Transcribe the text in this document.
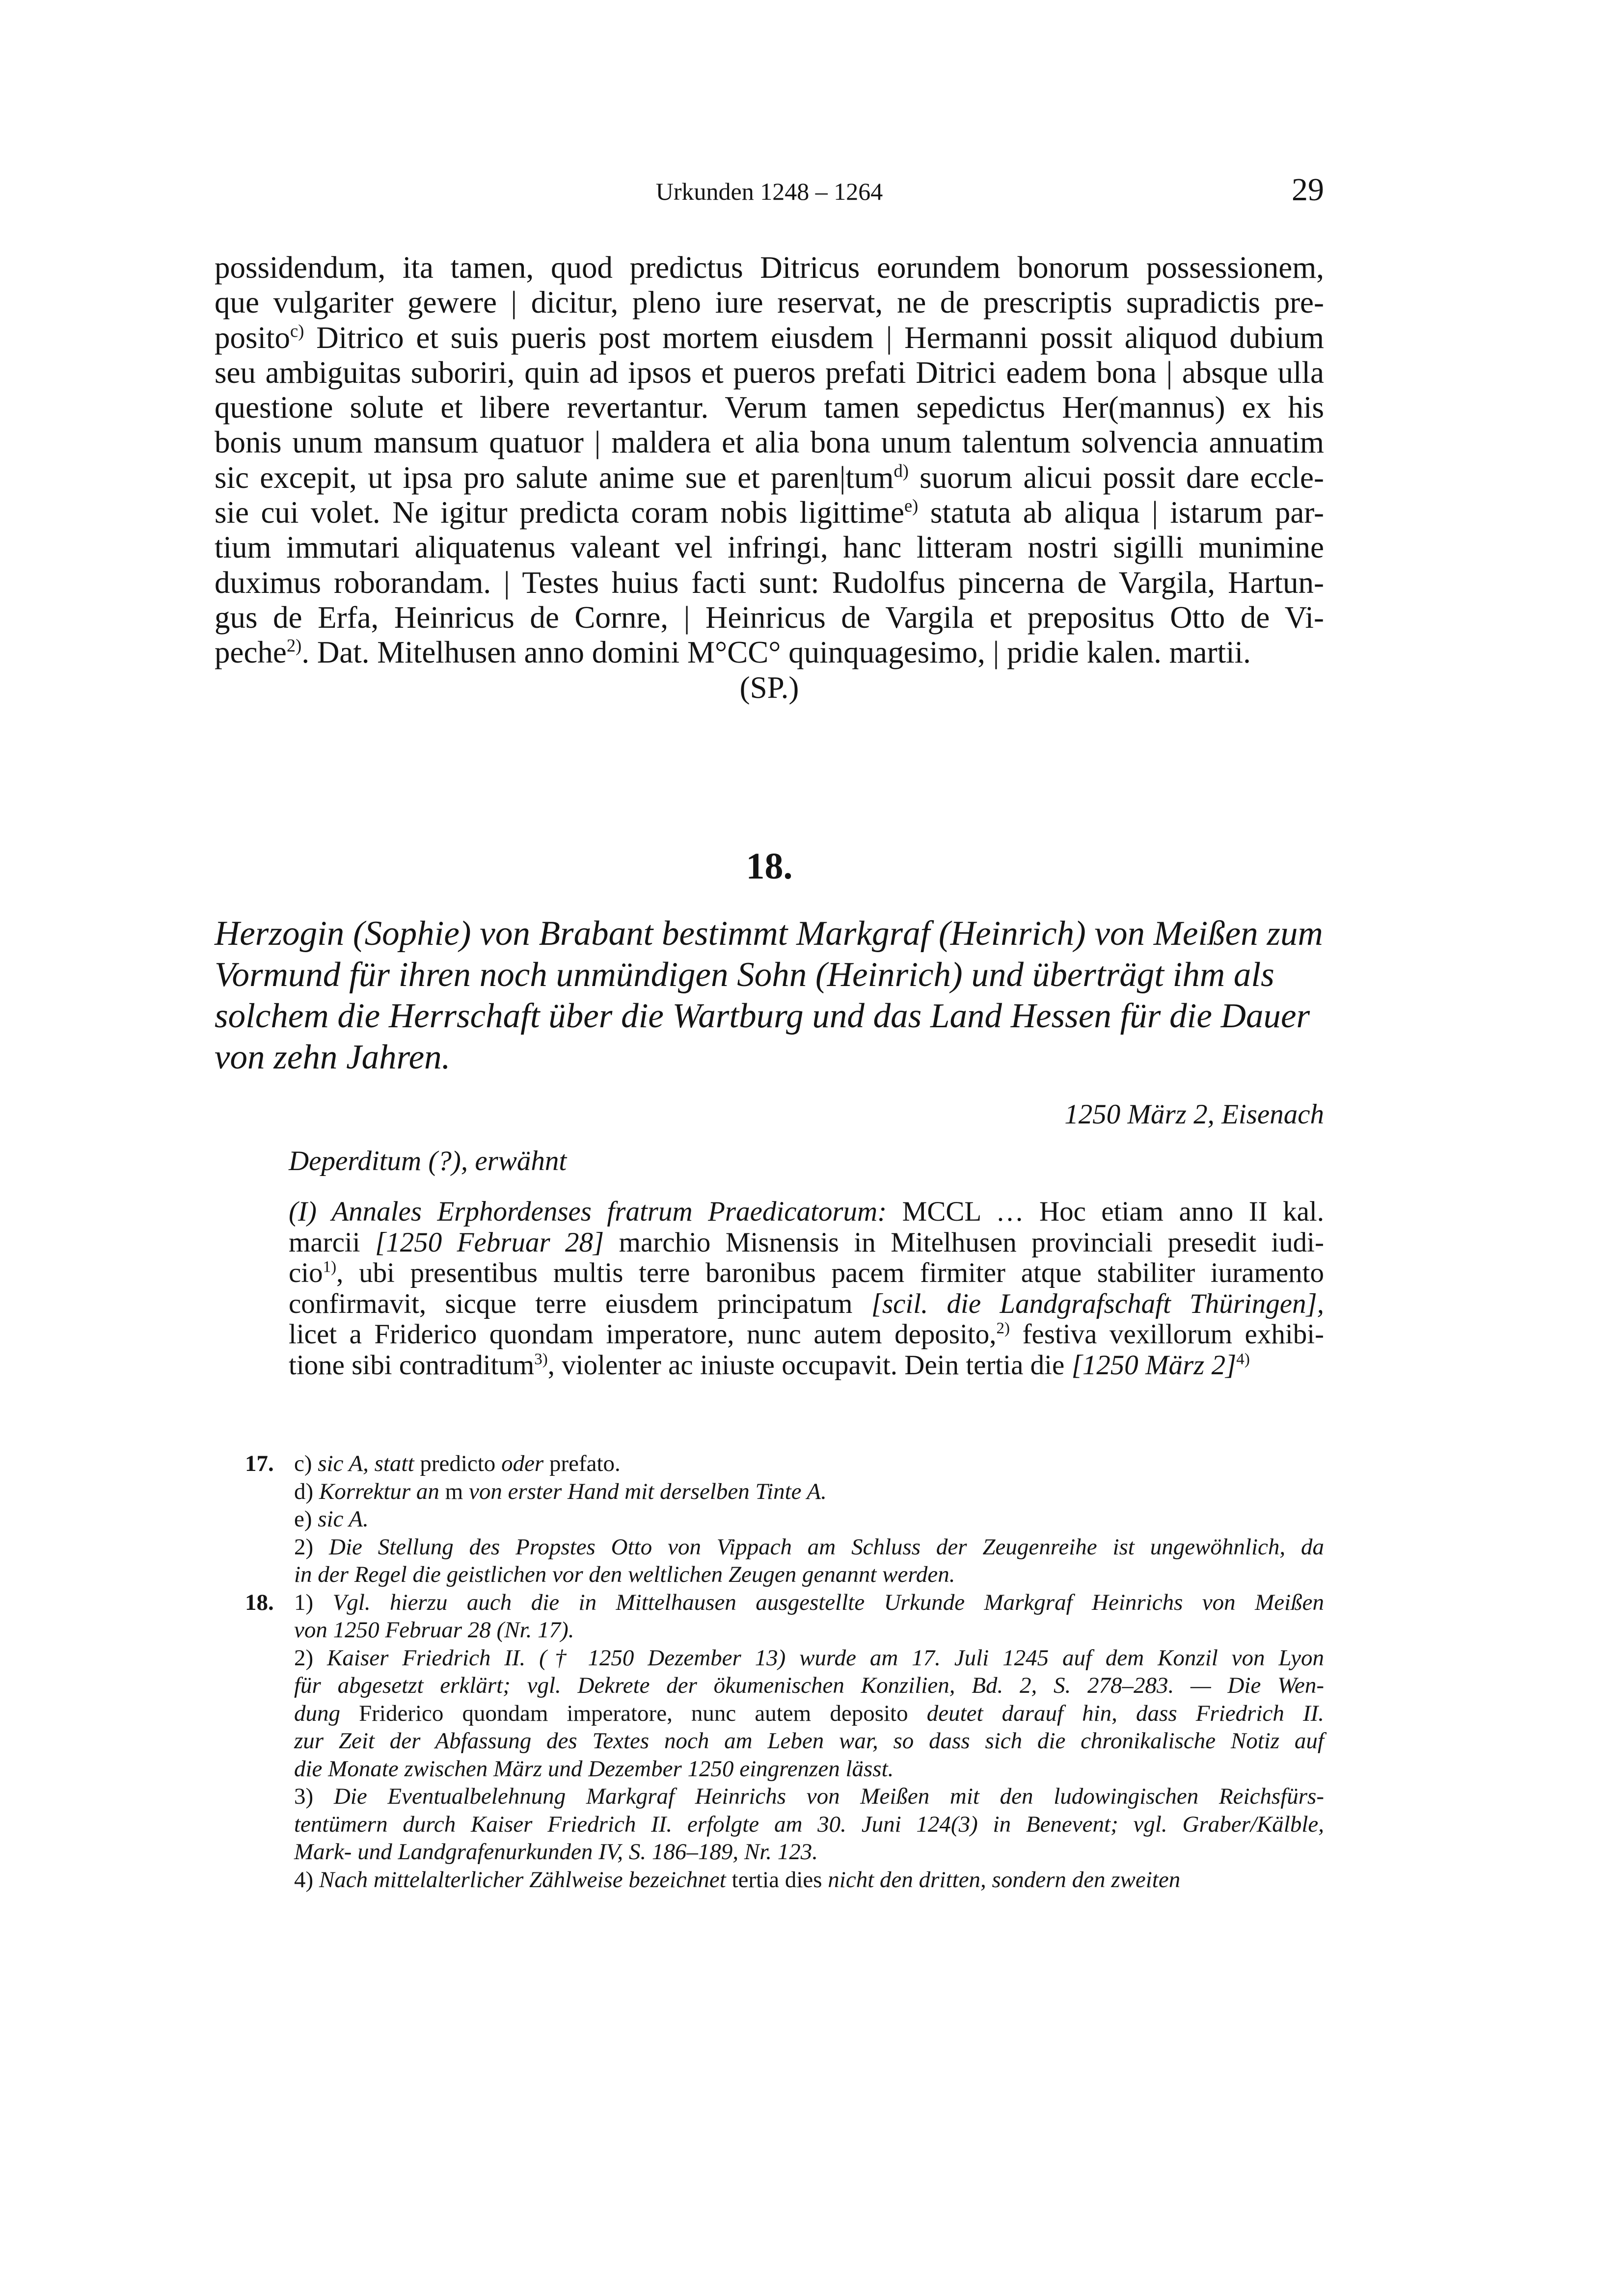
Urkunden 1248 – 1264	29
possidendum, ita tamen, quod predictus Ditricus eorundem bonorum possessionem,
que vulgariter gewere | dicitur, pleno iure reservat, ne de prescriptis supradictis pre-
posito$^{c)}$ Ditrico et suis pueris post mortem eiusdem | Hermanni possit aliquod dubium
seu ambiguitas suboriri, quin ad ipsos et pueros prefati Ditrici eadem bona | absque ulla
questione solute et libere revertantur. Verum tamen sepedictus Her(mannus) ex his
bonis unum mansum quatuor | maldera et alia bona unum talentum solvencia annuatim
sic excepit, ut ipsa pro salute anime sue et paren|tum$^{d)}$ suorum alicui possit dare eccle-
sie cui volet. Ne igitur predicta coram nobis ligittime$^{e)}$ statuta ab aliqua | istarum par-
tium immutari aliquatenus valeant vel infringi, hanc litteram nostri sigilli munimine
duximus roborandam. | Testes huius facti sunt: Rudolfus pincerna de Vargila, Hartun-
gus de Erfa, Heinricus de Cornre, | Heinricus de Vargila et prepositus Otto de Vi-
peche$^{2)}$. Dat. Mitelhusen anno domini M°CC° quinquagesimo, | pridie kalen. martii.
(SP.)
18.
Herzogin (Sophie) von Brabant bestimmt Markgraf (Heinrich) von Meißen zum
Vormund für ihren noch unmündigen Sohn (Heinrich) und überträgt ihm als
solchem die Herrschaft über die Wartburg und das Land Hessen für die Dauer
von zehn Jahren.
1250 März 2, Eisenach
Deperditum (?), erwähnt
(I) Annales Erphordenses fratrum Praedicatorum: MCCL … Hoc etiam anno II kal.
marcii [1250 Februar 28] marchio Misnensis in Mitelhusen provinciali presedit iudi-
cio$^{1)}$, ubi presentibus multis terre baronibus pacem firmiter atque stabiliter iuramento
confirmavit, sicque terre eiusdem principatum [scil. die Landgrafschaft Thüringen],
licet a Friderico quondam imperatore, nunc autem deposito,$^{2)}$ festiva vexillorum exhibi-
tione sibi contraditum$^{3)}$, violenter ac iniuste occupavit. Dein tertia die [1250 März 2]$^{4)}$
17. c) sic A, statt predicto oder prefato.
d) Korrektur an m von erster Hand mit derselben Tinte A.
e) sic A.
2) Die Stellung des Propstes Otto von Vippach am Schluss der Zeugenreihe ist ungewöhnlich, da
in der Regel die geistlichen vor den weltlichen Zeugen genannt werden.
18. 1) Vgl. hierzu auch die in Mittelhausen ausgestellte Urkunde Markgraf Heinrichs von Meißen
von 1250 Februar 28 (Nr. 17).
2) Kaiser Friedrich II. († 1250 Dezember 13) wurde am 17. Juli 1245 auf dem Konzil von Lyon
für abgesetzt erklärt; vgl. Dekrete der ökumenischen Konzilien, Bd. 2, S. 278–283. — Die Wen-
dung Friderico quondam imperatore, nunc autem deposito deutet darauf hin, dass Friedrich II.
zur Zeit der Abfassung des Textes noch am Leben war, so dass sich die chronikalische Notiz auf
die Monate zwischen März und Dezember 1250 eingrenzen lässt.
3) Die Eventualbelehnung Markgraf Heinrichs von Meißen mit den ludowingischen Reichsfürs-
tentümern durch Kaiser Friedrich II. erfolgte am 30. Juni 124(3) in Benevent; vgl. Graber/Kälble,
Mark- und Landgrafenurkunden IV, S. 186–189, Nr. 123.
4) Nach mittelalterlicher Zählweise bezeichnet tertia dies nicht den dritten, sondern den zweiten
